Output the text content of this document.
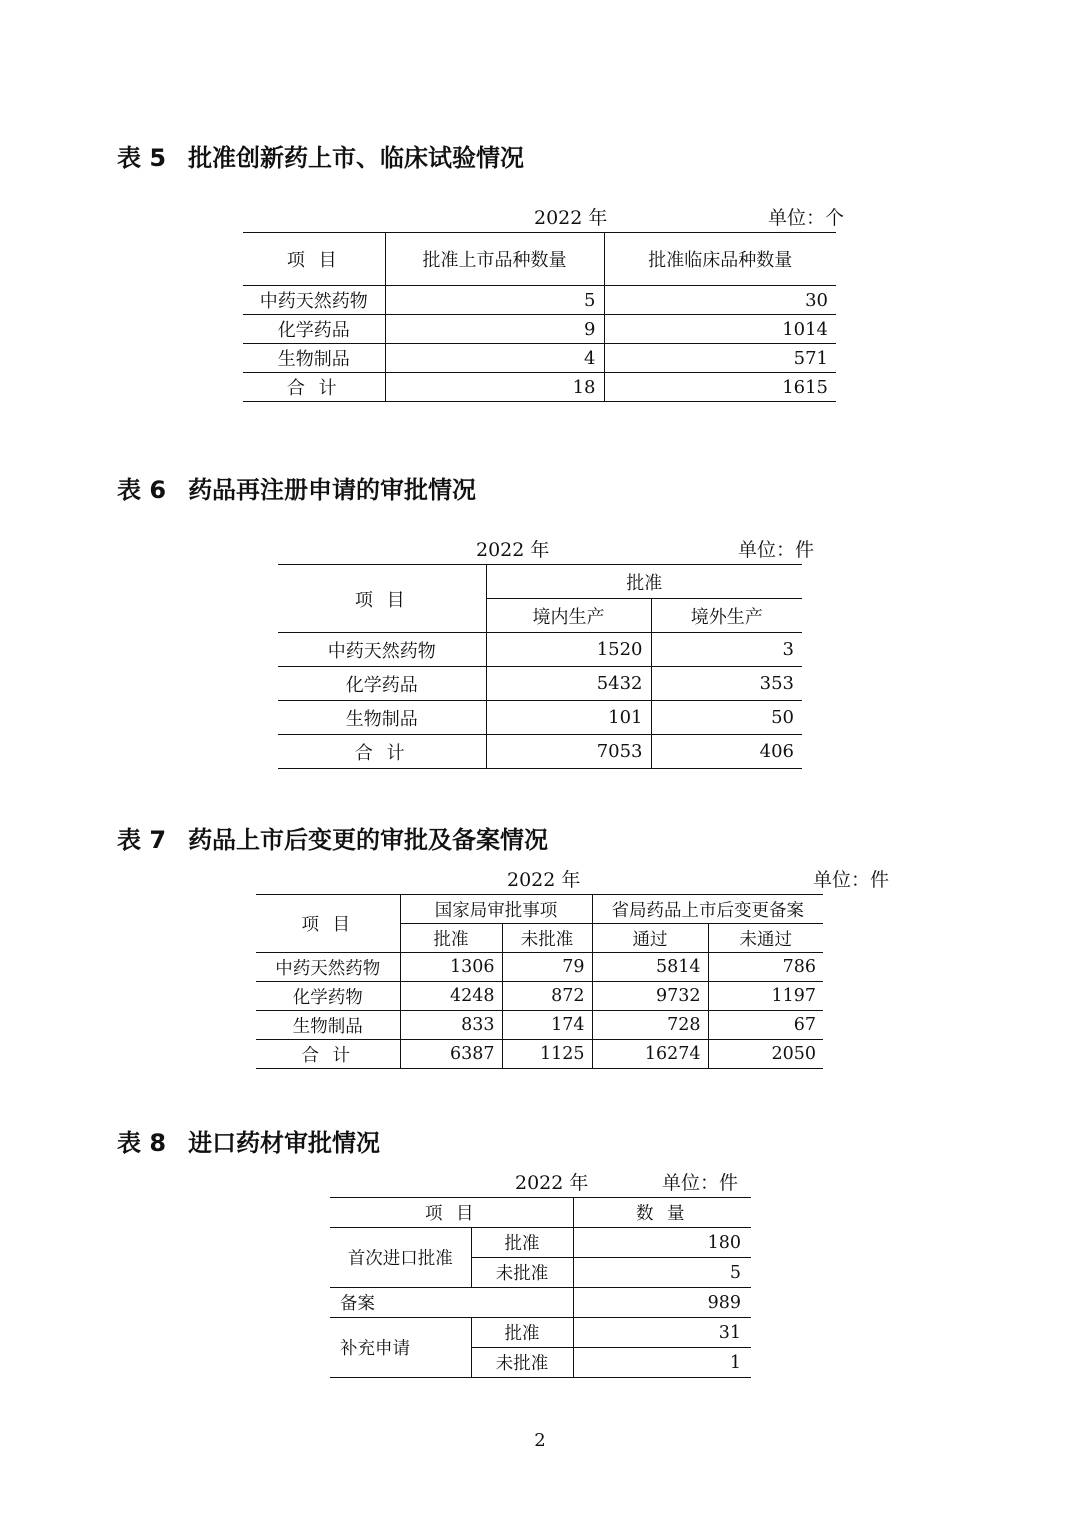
表 5 批准创新药上市、临床试验情况
2022 年	单位：个
项 目	批准上市品种数量	批准临床品种数量
中药天然药物	5	30
化学药品	9	1014
生物制品	4	571
合 计	18	1615
表 6 药品再注册申请的审批情况
2022 年	单位：件
项 目	批准	
	境内生产	境外生产
中药天然药物	1520	3
化学药品	5432	353
生物制品	101	50
合 计	7053	406
表 7 药品上市后变更的审批及备案情况
2022 年	单位：件
项 目	国家局审批事项		省局药品上市后变更备案	
	批准	未批准	通过	未通过
中药天然药物	1306	79	5814	786
化学药物	4248	872	9732	1197
生物制品	833	174	728	67
合 计	6387	1125	16274	2050
表 8 进口药材审批情况
2022 年	单位：件
项 目		数 量
首次进口批准	批准	180
	未批准	5
备案		989
补充申请	批准	31
	未批准	1
2
